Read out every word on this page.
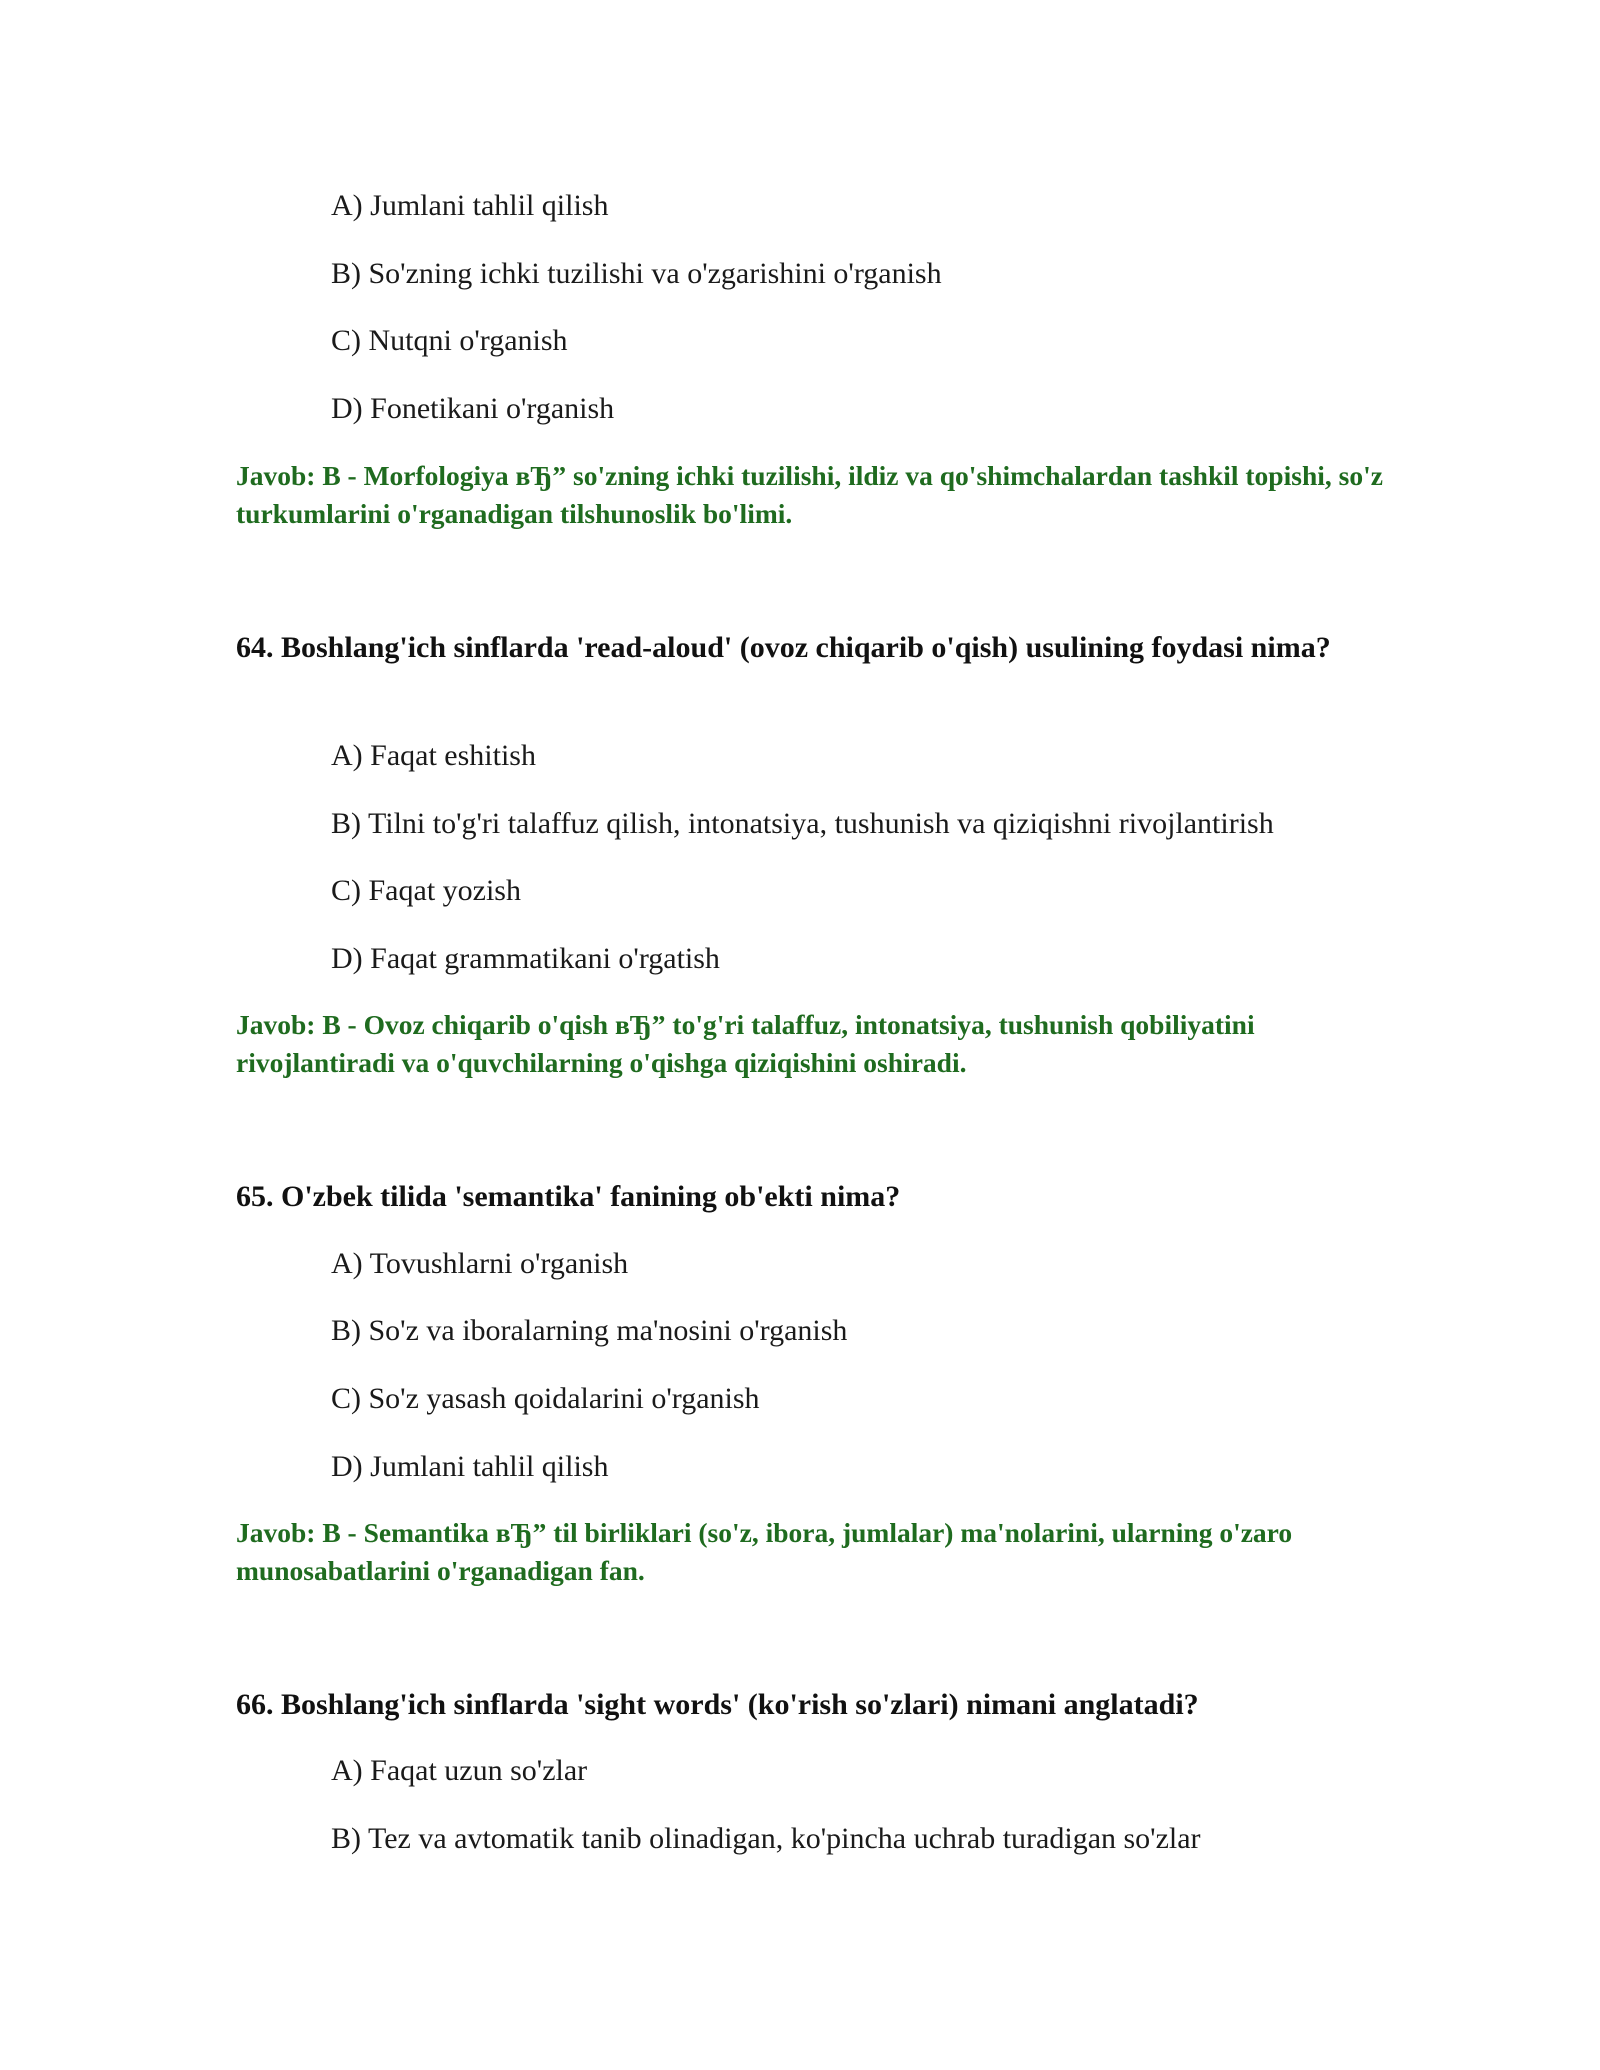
A) Jumlani tahlil qilish
B) So'zning ichki tuzilishi va o'zgarishini o'rganish
C) Nutqni o'rganish
D) Fonetikani o'rganish
Javob: B - Morfologiya вЂ” so'zning ichki tuzilishi, ildiz va qo'shimchalardan tashkil topishi, so'z turkumlarini o'rganadigan tilshunoslik bo'limi.
64. Boshlang'ich sinflarda 'read-aloud' (ovoz chiqarib o'qish) usulining foydasi nima?
A) Faqat eshitish
B) Tilni to'g'ri talaffuz qilish, intonatsiya, tushunish va qiziqishni rivojlantirish
C) Faqat yozish
D) Faqat grammatikani o'rgatish
Javob: B - Ovoz chiqarib o'qish вЂ” to'g'ri talaffuz, intonatsiya, tushunish qobiliyatini rivojlantiradi va o'quvchilarning o'qishga qiziqishini oshiradi.
65. O'zbek tilida 'semantika' fanining ob'ekti nima?
A) Tovushlarni o'rganish
B) So'z va iboralarning ma'nosini o'rganish
C) So'z yasash qoidalarini o'rganish
D) Jumlani tahlil qilish
Javob: B - Semantika вЂ” til birliklari (so'z, ibora, jumlalar) ma'nolarini, ularning o'zaro munosabatlarini o'rganadigan fan.
66. Boshlang'ich sinflarda 'sight words' (ko'rish so'zlari) nimani anglatadi?
A) Faqat uzun so'zlar
B) Tez va avtomatik tanib olinadigan, ko'pincha uchrab turadigan so'zlar
